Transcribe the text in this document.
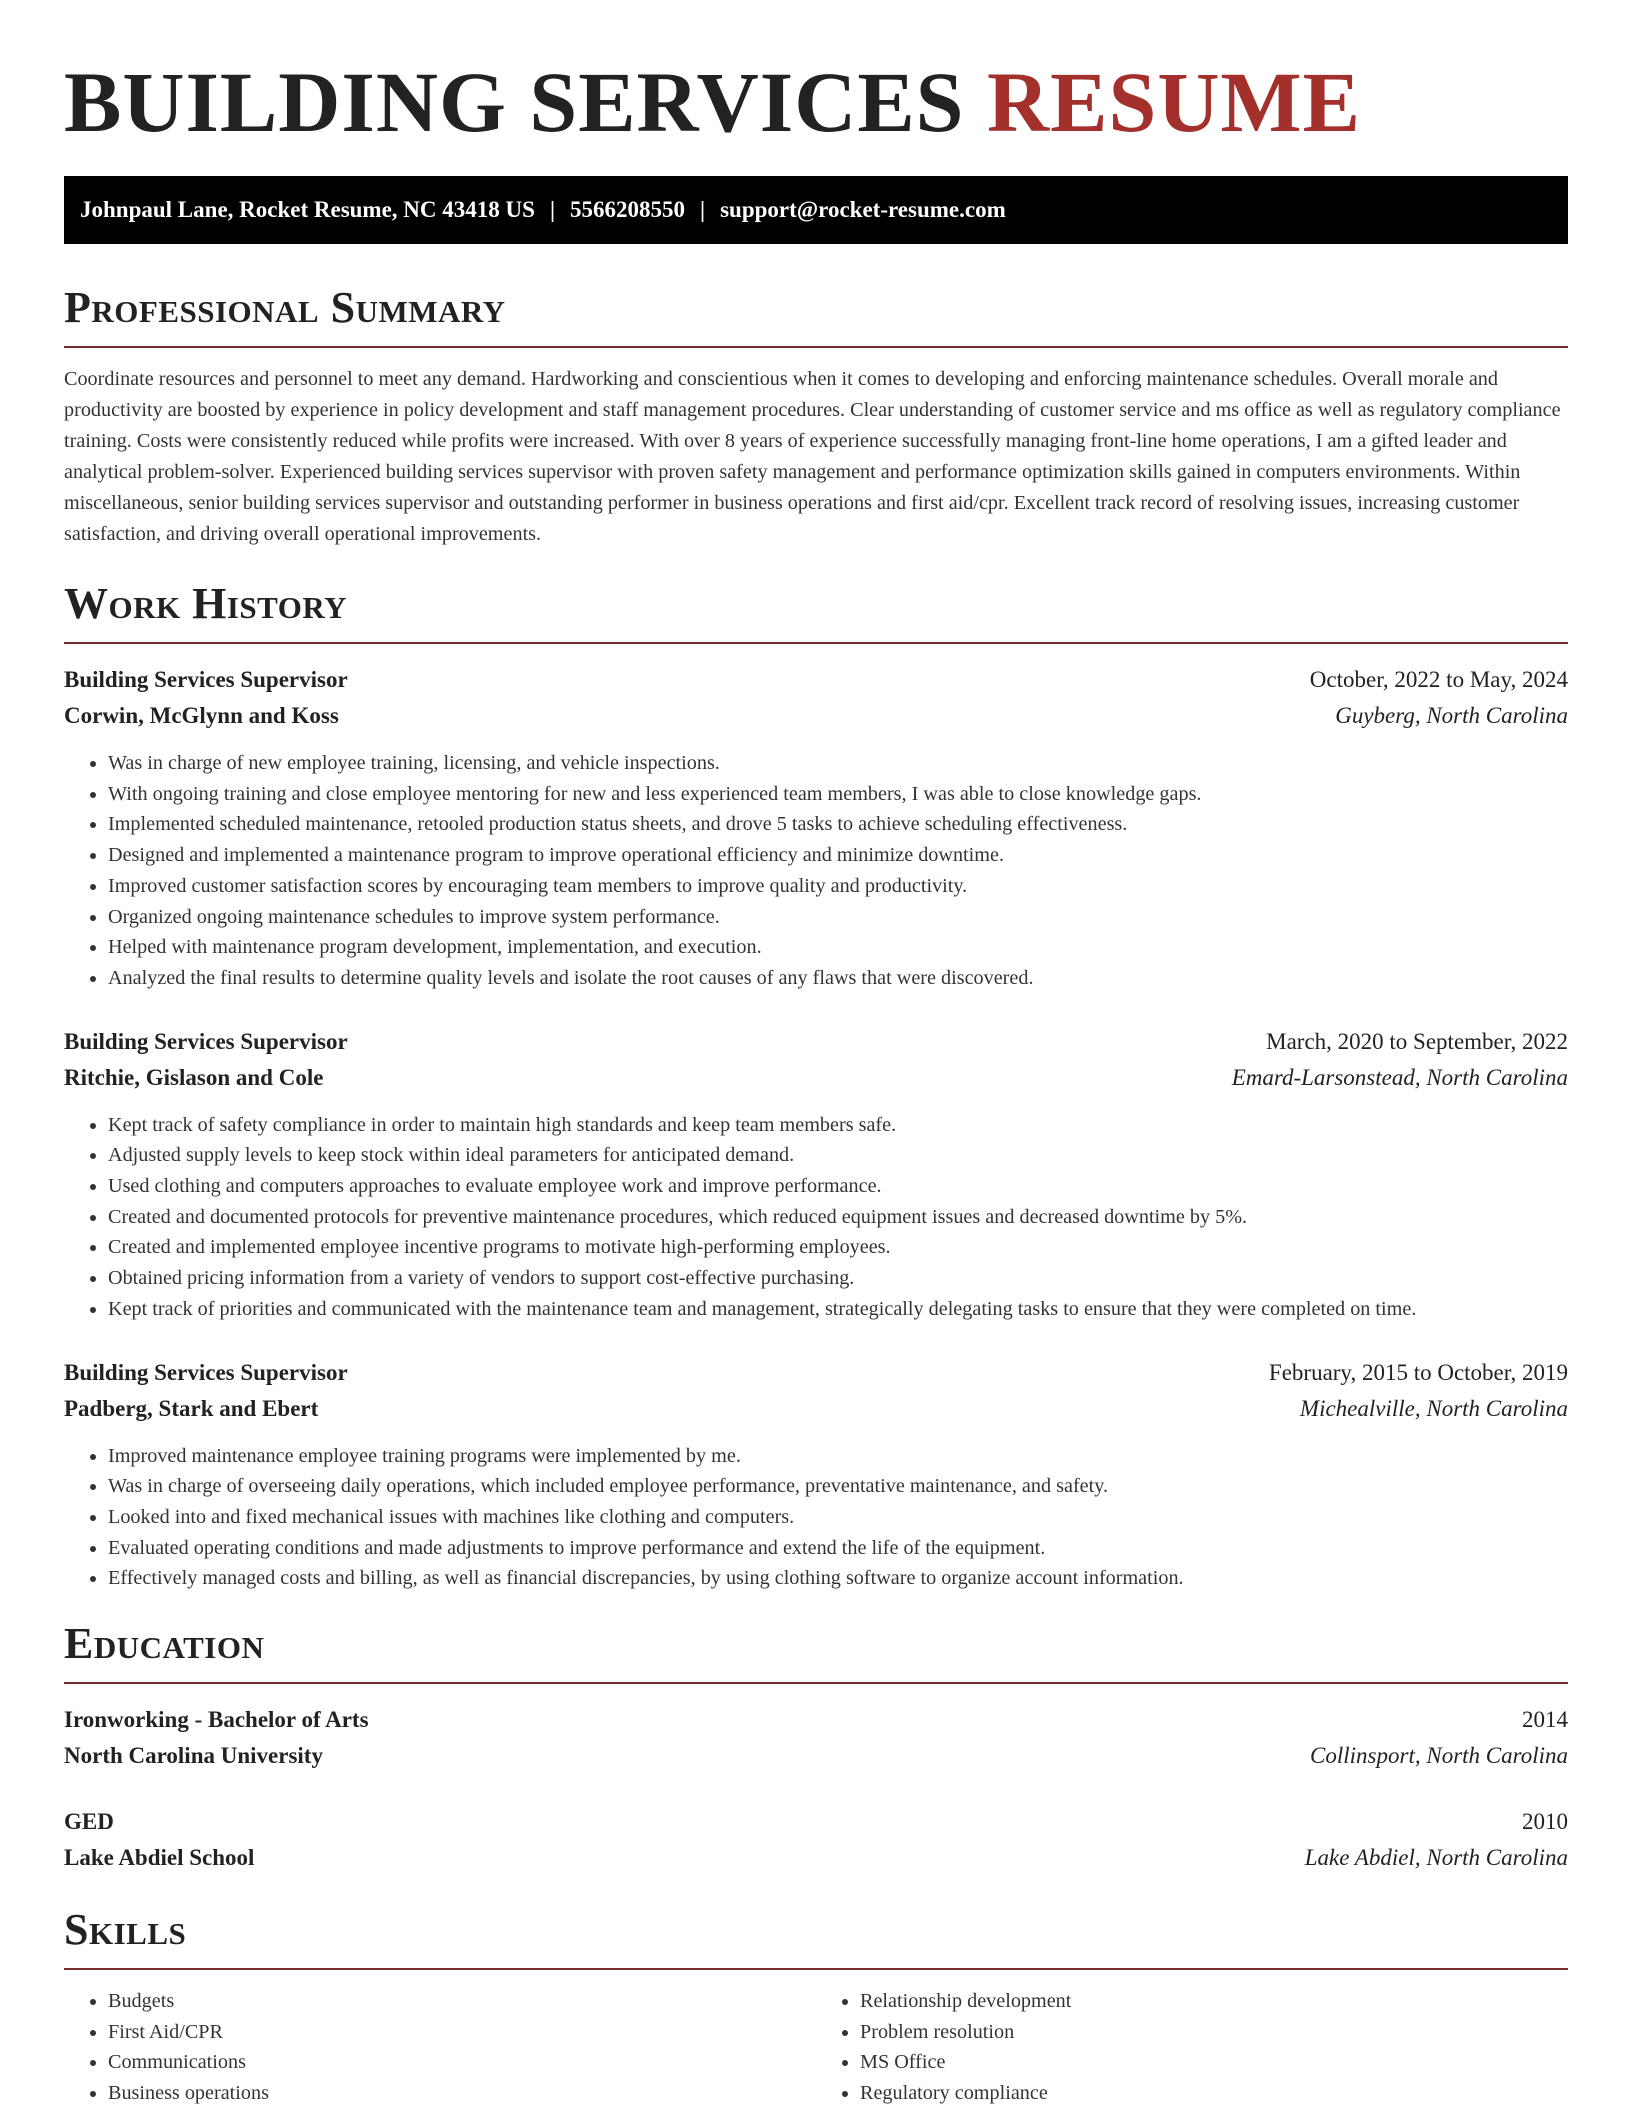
BUILDING SERVICES RESUME
Johnpaul Lane, Rocket Resume, NC 43418 US | 5566208550 | support@rocket-resume.com
Professional Summary

Coordinate resources and personnel to meet any demand. Hardworking and conscientious when it comes to developing and enforcing maintenance schedules. Overall morale and productivity are boosted by experience in policy development and staff management procedures. Clear understanding of customer service and ms office as well as regulatory compliance training. Costs were consistently reduced while profits were increased. With over 8 years of experience successfully managing front-line home operations, I am a gifted leader and analytical problem-solver. Experienced building services supervisor with proven safety management and performance optimization skills gained in computers environments. Within miscellaneous, senior building services supervisor and outstanding performer in business operations and first aid/cpr. Excellent track record of resolving issues, increasing customer satisfaction, and driving overall operational improvements.

Work History
Building Services Supervisor	October, 2022 to May, 2024
Corwin, McGlynn and Koss	Guyberg, North Carolina
• Was in charge of new employee training, licensing, and vehicle inspections.
• With ongoing training and close employee mentoring for new and less experienced team members, I was able to close knowledge gaps.
• Implemented scheduled maintenance, retooled production status sheets, and drove 5 tasks to achieve scheduling effectiveness.
• Designed and implemented a maintenance program to improve operational efficiency and minimize downtime.
• Improved customer satisfaction scores by encouraging team members to improve quality and productivity.
• Organized ongoing maintenance schedules to improve system performance.
• Helped with maintenance program development, implementation, and execution.
• Analyzed the final results to determine quality levels and isolate the root causes of any flaws that were discovered.
Building Services Supervisor	March, 2020 to September, 2022
Ritchie, Gislason and Cole	Emard-Larsonstead, North Carolina
• Kept track of safety compliance in order to maintain high standards and keep team members safe.
• Adjusted supply levels to keep stock within ideal parameters for anticipated demand.
• Used clothing and computers approaches to evaluate employee work and improve performance.
• Created and documented protocols for preventive maintenance procedures, which reduced equipment issues and decreased downtime by 5%.
• Created and implemented employee incentive programs to motivate high-performing employees.
• Obtained pricing information from a variety of vendors to support cost-effective purchasing.
• Kept track of priorities and communicated with the maintenance team and management, strategically delegating tasks to ensure that they were completed on time.
Building Services Supervisor	February, 2015 to October, 2019
Padberg, Stark and Ebert	Michealville, North Carolina
• Improved maintenance employee training programs were implemented by me.
• Was in charge of overseeing daily operations, which included employee performance, preventative maintenance, and safety.
• Looked into and fixed mechanical issues with machines like clothing and computers.
• Evaluated operating conditions and made adjustments to improve performance and extend the life of the equipment.
• Effectively managed costs and billing, as well as financial discrepancies, by using clothing software to organize account information.
Education
Ironworking - Bachelor of Arts	2014
North Carolina University	Collinsport, North Carolina
GED	2010
Lake Abdiel School	Lake Abdiel, North Carolina
Skills
• Budgets
• First Aid/CPR
• Communications
• Business operations
• Relationship development
• Problem resolution
• MS Office
• Regulatory compliance
